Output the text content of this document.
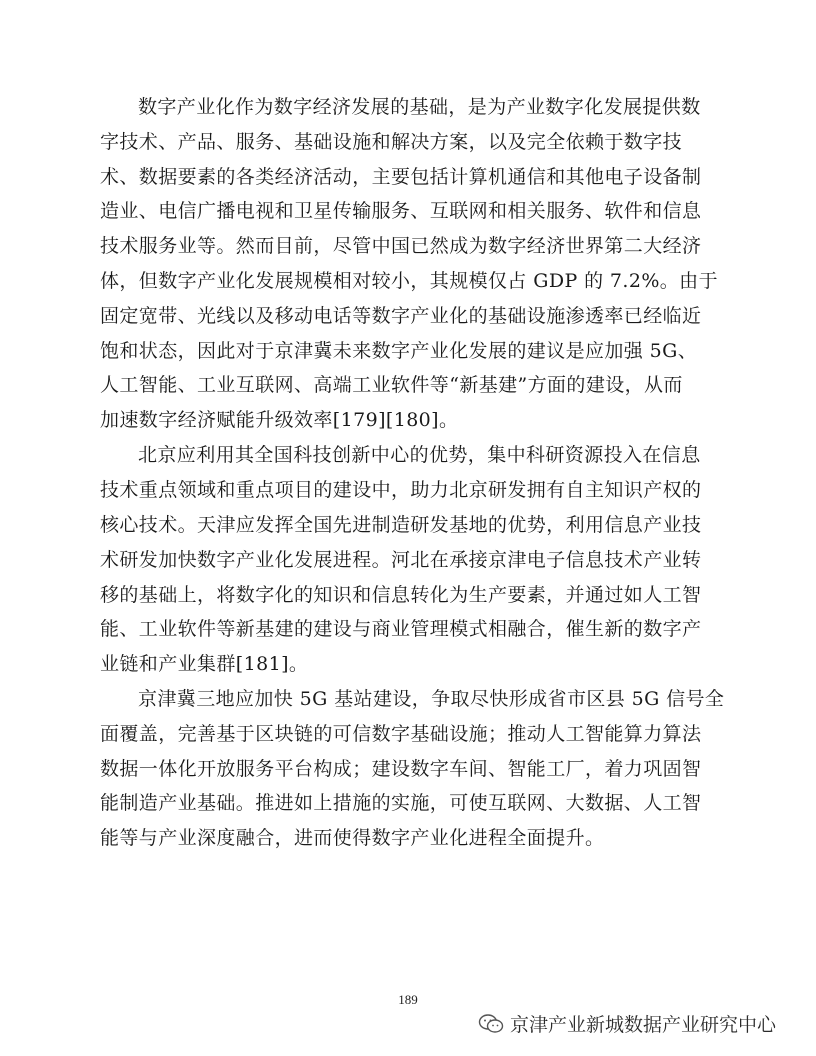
数字产业化作为数字经济发展的基础，是为产业数字化发展提供数
字技术、产品、服务、基础设施和解决方案，以及完全依赖于数字技
术、数据要素的各类经济活动，主要包括计算机通信和其他电子设备制
造业、电信广播电视和卫星传输服务、互联网和相关服务、软件和信息
技术服务业等。然而目前，尽管中国已然成为数字经济世界第二大经济
体，但数字产业化发展规模相对较小，其规模仅占 GDP 的 7.2%。由于
固定宽带、光线以及移动电话等数字产业化的基础设施渗透率已经临近
饱和状态，因此对于京津冀未来数字产业化发展的建议是应加强 5G、
人工智能、工业互联网、高端工业软件等“新基建”方面的建设，从而
加速数字经济赋能升级效率[179][180]。

北京应利用其全国科技创新中心的优势，集中科研资源投入在信息
技术重点领域和重点项目的建设中，助力北京研发拥有自主知识产权的
核心技术。天津应发挥全国先进制造研发基地的优势，利用信息产业技
术研发加快数字产业化发展进程。河北在承接京津电子信息技术产业转
移的基础上，将数字化的知识和信息转化为生产要素，并通过如人工智
能、工业软件等新基建的建设与商业管理模式相融合，催生新的数字产
业链和产业集群[181]。

京津冀三地应加快 5G 基站建设，争取尽快形成省市区县 5G 信号全
面覆盖，完善基于区块链的可信数字基础设施；推动人工智能算力算法
数据一体化开放服务平台构成；建设数字车间、智能工厂，着力巩固智
能制造产业基础。推进如上措施的实施，可使互联网、大数据、人工智
能等与产业深度融合，进而使得数字产业化进程全面提升。

189
京津产业新城数据产业研究中心
